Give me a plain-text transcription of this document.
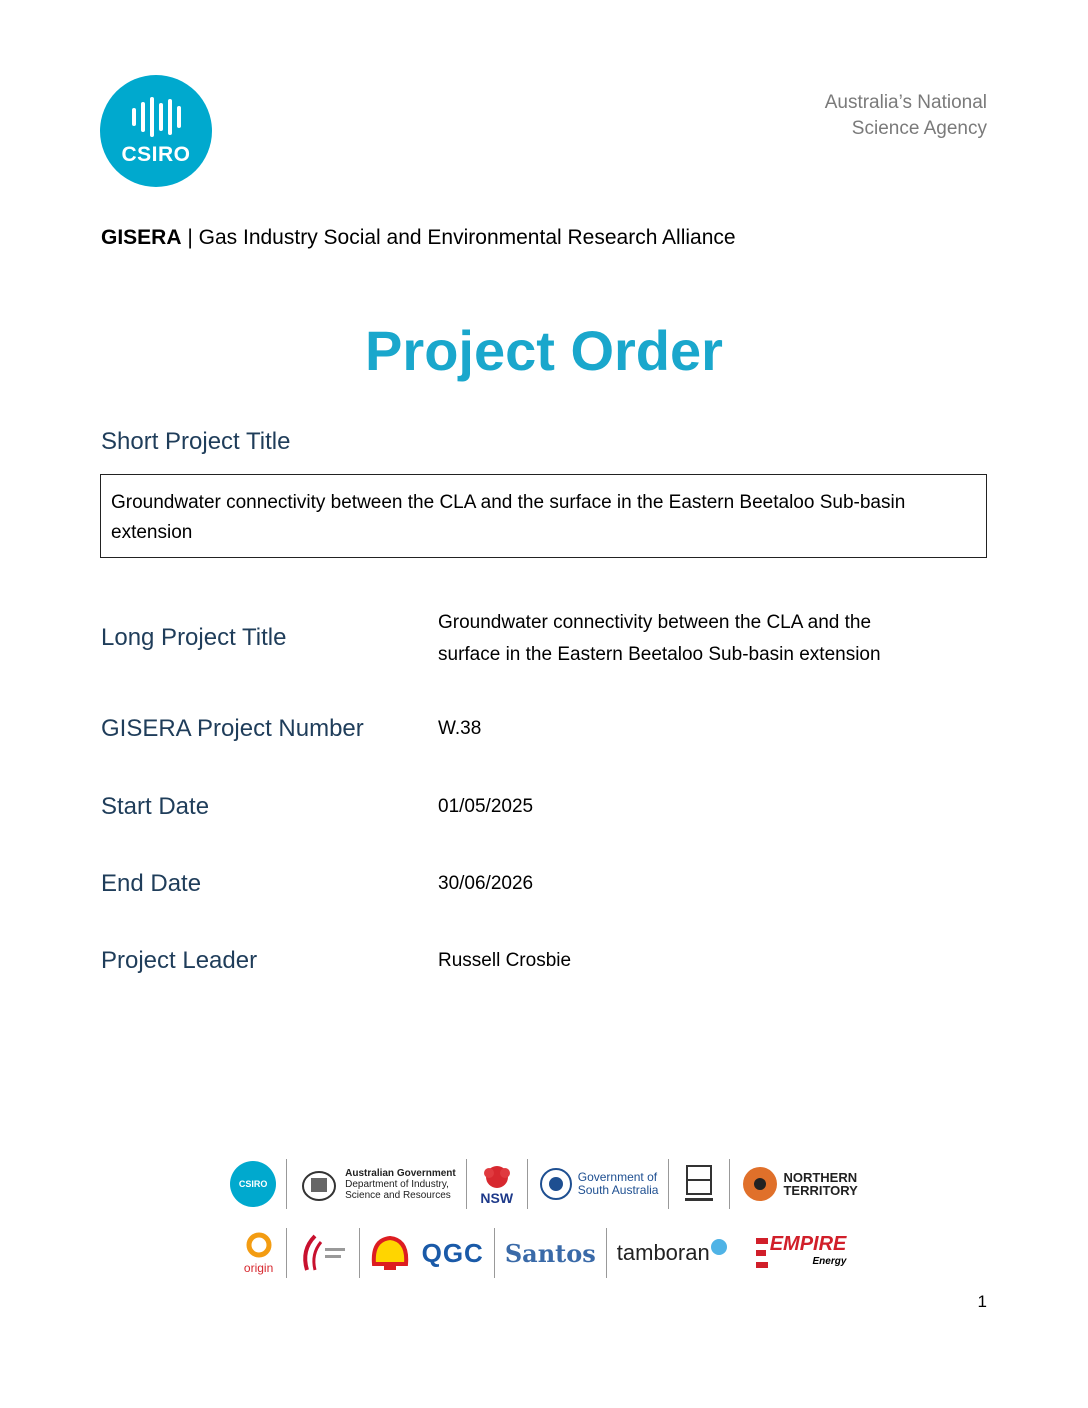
CSIRO
Australia’s National
Science Agency
GISERA | Gas Industry Social and Environmental Research Alliance
Project Order
Short Project Title
Groundwater connectivity between the CLA and the surface in the Eastern Beetaloo Sub-basin extension
Long Project Title
Groundwater connectivity between the CLA and the
surface in the Eastern Beetaloo Sub-basin extension
GISERA Project Number	W.38
Start Date	01/05/2025
End Date	30/06/2026
Project Leader	Russell Crosbie
CSIRO
Australian Government
Department of Industry,
Science and Resources	NSW
Government of
South Australia
NORTHERN
TERRITORY
origin	QGC Santos tamboran	EMPIRE
Energy
1
